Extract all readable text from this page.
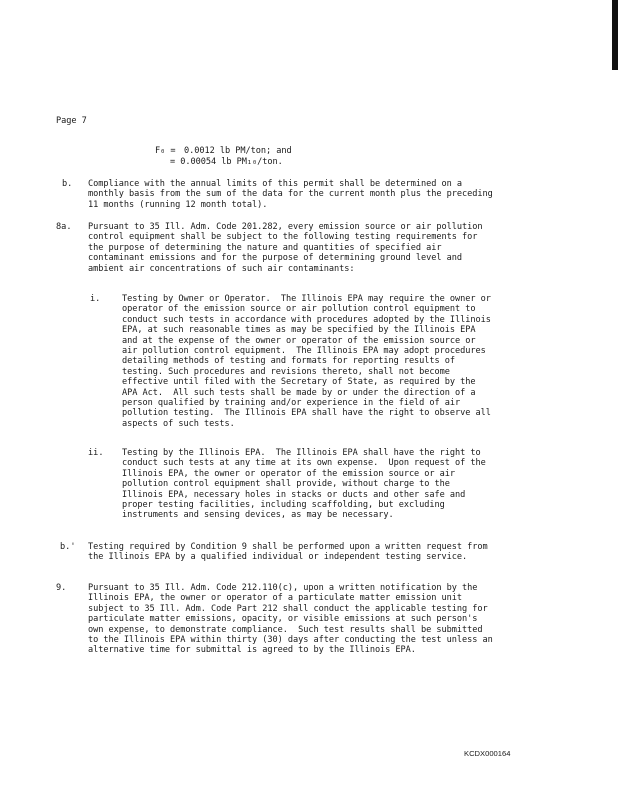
Page 7
F₀ = 0.0012 lb PM/ton; and
= 0.00054 lb PM₁₀/ton.
b. Compliance with the annual limits of this permit shall be determined on a monthly basis from the sum of the data for the current month plus the preceding 11 months (running 12 month total).
8a. Pursuant to 35 Ill. Adm. Code 201.282, every emission source or air pollution control equipment shall be subject to the following testing requirements for the purpose of determining the nature and quantities of specified air contaminant emissions and for the purpose of determining ground level and ambient air concentrations of such air contaminants:
i.	Testing by Owner or Operator.  The Illinois EPA may require the owner or operator of the emission source or air pollution control equipment to conduct such tests in accordance with procedures adopted by the Illinois EPA, at such reasonable times as may be specified by the Illinois EPA and at the expense of the owner or operator of the emission source or air pollution control equipment.  The Illinois EPA may adopt procedures detailing methods of testing and formats for reporting results of testing. Such procedures and revisions thereto, shall not become effective until filed with the Secretary of State, as required by the APA Act.  All such tests shall be made by or under the direction of a person qualified by training and/or experience in the field of air pollution testing.  The Illinois EPA shall have the right to observe all aspects of such tests.
ii. Testing by the Illinois EPA.  The Illinois EPA shall have the right to conduct such tests at any time at its own expense.  Upon request of the Illinois EPA, the owner or operator of the emission source or air pollution control equipment shall provide, without charge to the Illinois EPA, necessary holes in stacks or ducts and other safe and proper testing facilities, including scaffolding, but excluding instruments and sensing devices, as may be necessary.
b.' Testing required by Condition 9 shall be performed upon a written request from the Illinois EPA by a qualified individual or independent testing service.
9.	Pursuant to 35 Ill. Adm. Code 212.110(c), upon a written notification by the Illinois EPA, the owner or operator of a particulate matter emission unit subject to 35 Ill. Adm. Code Part 212 shall conduct the applicable testing for particulate matter emissions, opacity, or visible emissions at such person's own expense, to demonstrate compliance.  Such test results shall be submitted to the Illinois EPA within thirty (30) days after conducting the test unless an alternative time for submittal is agreed to by the Illinois EPA.
KCDX000164
